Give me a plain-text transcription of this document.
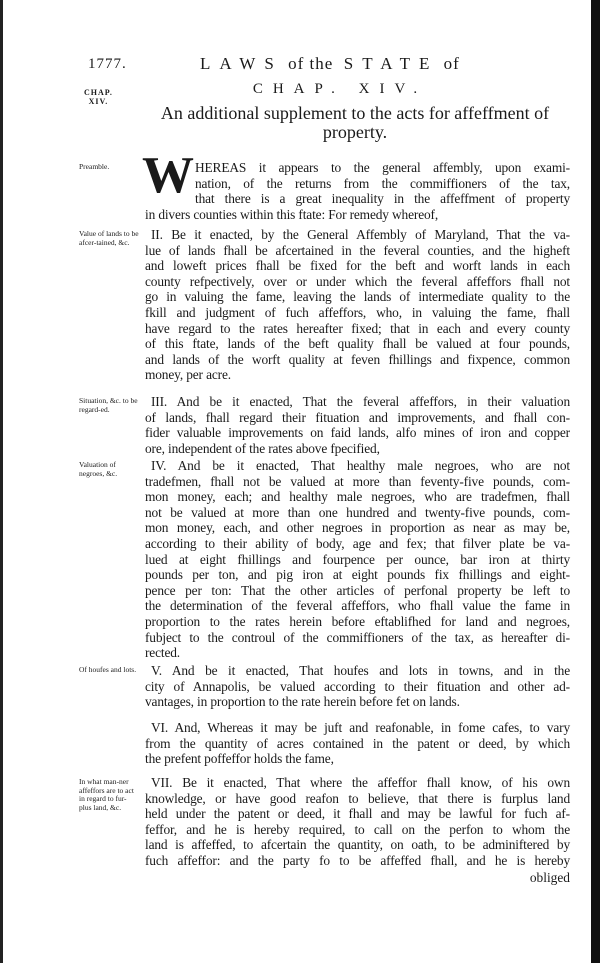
1777.	LAWS of the STATE of
CHAP.
XIV.
CHAP. XIV.
An additional supplement to the acts for affeffment of
property.
W
Preamble.	HEREAS it appears to the general affembly, upon exami-
nation, of the returns from the commiffioners of the tax,
that there is a great inequality in the affeffment of property
in divers counties within this ftate: For remedy whereof,
Value of lands to be afcer-tained, &c.	II. Be it enacted, by the General Affembly of Maryland, That the va-
lue of lands fhall be afcertained in the feveral counties, and the higheft
and loweft prices fhall be fixed for the beft and worft lands in each
county refpectively, over or under which the feveral affeffors fhall not
go in valuing the fame, leaving the lands of intermediate quality to the
fkill and judgment of fuch affeffors, who, in valuing the fame, fhall
have regard to the rates hereafter fixed; that in each and every county
of this ftate, lands of the beft quality fhall be valued at four pounds,
and lands of the worft quality at feven fhillings and fixpence, common
money, per acre.
Situation, &c. to be regard-ed.	III. And be it enacted, That the feveral affeffors, in their valuation
of lands, fhall regard their fituation and improvements, and fhall con-
fider valuable improvements on faid lands, alfo mines of iron and copper
ore, independent of the rates above fpecified,
Valuation of negroes, &c.	IV. And be it enacted, That healthy male negroes, who are not
tradefmen, fhall not be valued at more than feventy-five pounds, com-
mon money, each; and healthy male negroes, who are tradefmen, fhall
not be valued at more than one hundred and twenty-five pounds, com-
mon money, each, and other negroes in proportion as near as may be,
according to their ability of body, age and fex; that filver plate be va-
lued at eight fhillings and fourpence per ounce, bar iron at thirty
pounds per ton, and pig iron at eight pounds fix fhillings and eight-
pence per ton: That the other articles of perfonal property be left to
the determination of the feveral affeffors, who fhall value the fame in
proportion to the rates herein before eftablifhed for land and negroes,
fubject to the controul of the commiffioners of the tax, as hereafter di-
rected.
Of houfes and lots.	V. And be it enacted, That houfes and lots in towns, and in the
city of Annapolis, be valued according to their fituation and other ad-
vantages, in proportion to the rate herein before fet on lands.
VI. And, Whereas it may be juft and reafonable, in fome cafes, to vary
from the quantity of acres contained in the patent or deed, by which
the prefent poffeffor holds the fame,
In what man-ner affeffors are to act in regard to fur-plus land, &c.
VII. Be it enacted, That where the affeffor fhall know, of his own
knowledge, or have good reafon to believe, that there is furplus land
held under the patent or deed, it fhall and may be lawful for fuch af-
feffor, and he is hereby required, to call on the perfon to whom the
land is affeffed, to afcertain the quantity, on oath, to be adminiftered by
fuch affeffor: and the party fo to be affeffed fhall, and he is hereby
obliged
